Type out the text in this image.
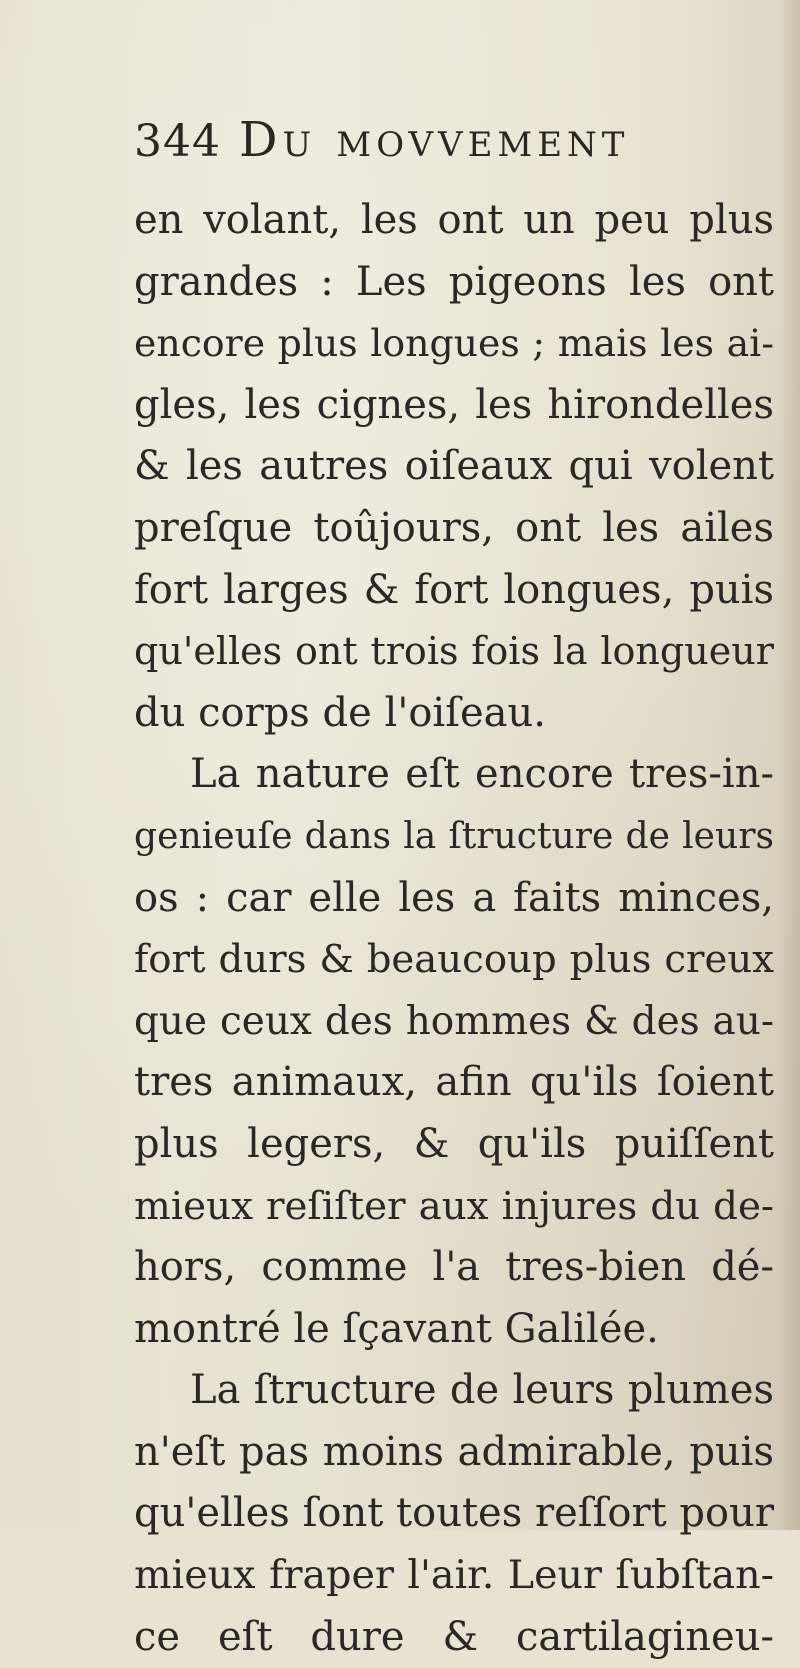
344 Du movvement
en volant, les ont un peu plus
grandes : Les pigeons les ont
encore plus longues ; mais les ai-
gles, les cignes, les hirondelles
& les autres oiſeaux qui volent
preſque toûjours, ont les ailes
fort larges & fort longues, puis
qu'elles ont trois fois la longueur
du corps de l'oiſeau.
La nature eſt encore tres-in-
genieuſe dans la ſtructure de leurs
os : car elle les a faits minces,
fort durs & beaucoup plus creux
que ceux des hommes & des au-
tres animaux, afin qu'ils ſoient
plus legers, & qu'ils puiſſent
mieux reſiſter aux injures du de-
hors, comme l'a tres-bien dé-
montré le ſçavant Galilée.
La ſtructure de leurs plumes
n'eſt pas moins admirable, puis
qu'elles ſont toutes reſſort pour
mieux fraper l'air. Leur ſubſtan-
ce eſt dure & cartilagineu-
